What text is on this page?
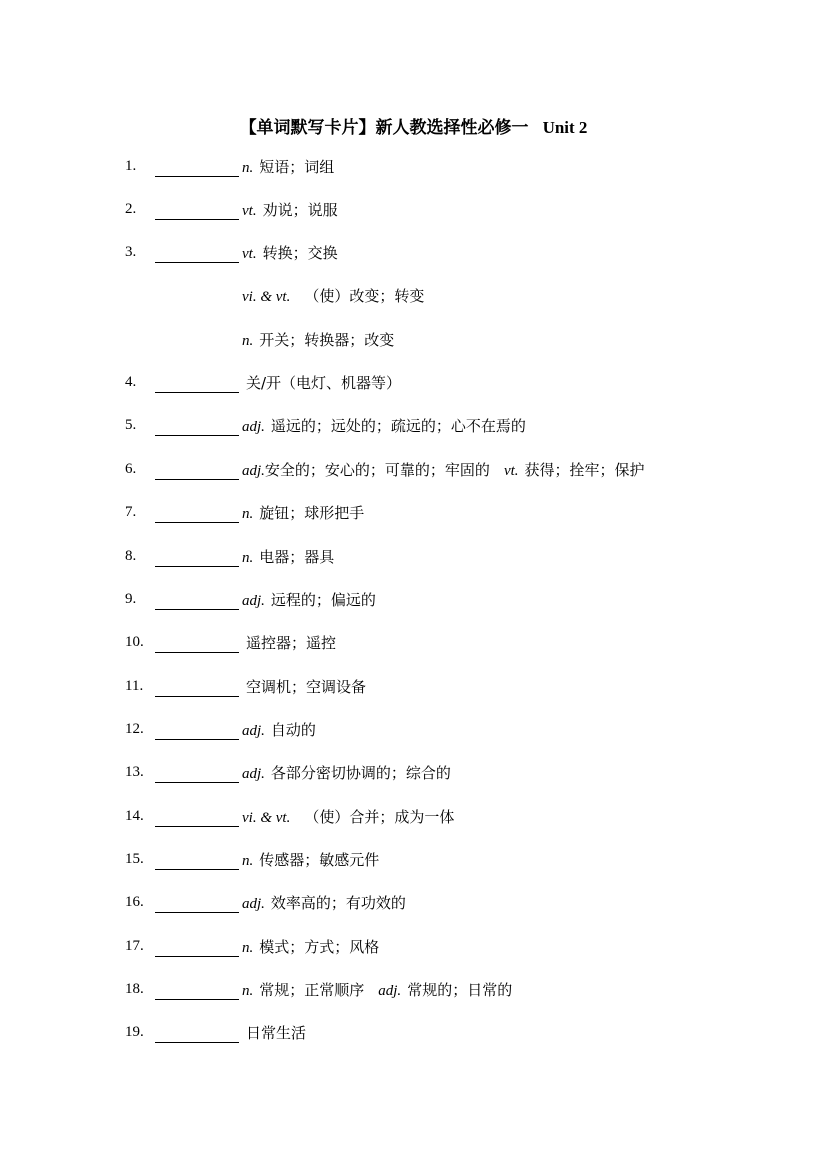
【单词默写卡片】新人教选择性必修一 Unit 2
1.	n. 短语；词组
2.	vt. 劝说；说服
3.	vt. 转换；交换
vi. & vt. （使）改变；转变
n. 开关；转换器；改变
4.	关/开（电灯、机器等）
5.	adj. 遥远的；远处的；疏远的；心不在焉的
6.	adj.安全的；安心的；可靠的；牢固的 vt. 获得；拴牢；保护
7.	n. 旋钮；球形把手
8.	n. 电器；器具
9.	adj. 远程的；偏远的
10.	遥控器；遥控
11.	空调机；空调设备
12.	adj. 自动的
13.	adj. 各部分密切协调的；综合的
14.	vi. & vt. （使）合并；成为一体
15.	n. 传感器；敏感元件
16.	adj. 效率高的；有功效的
17.	n. 模式；方式；风格
18.	n. 常规；正常顺序 adj. 常规的；日常的
19.	日常生活
